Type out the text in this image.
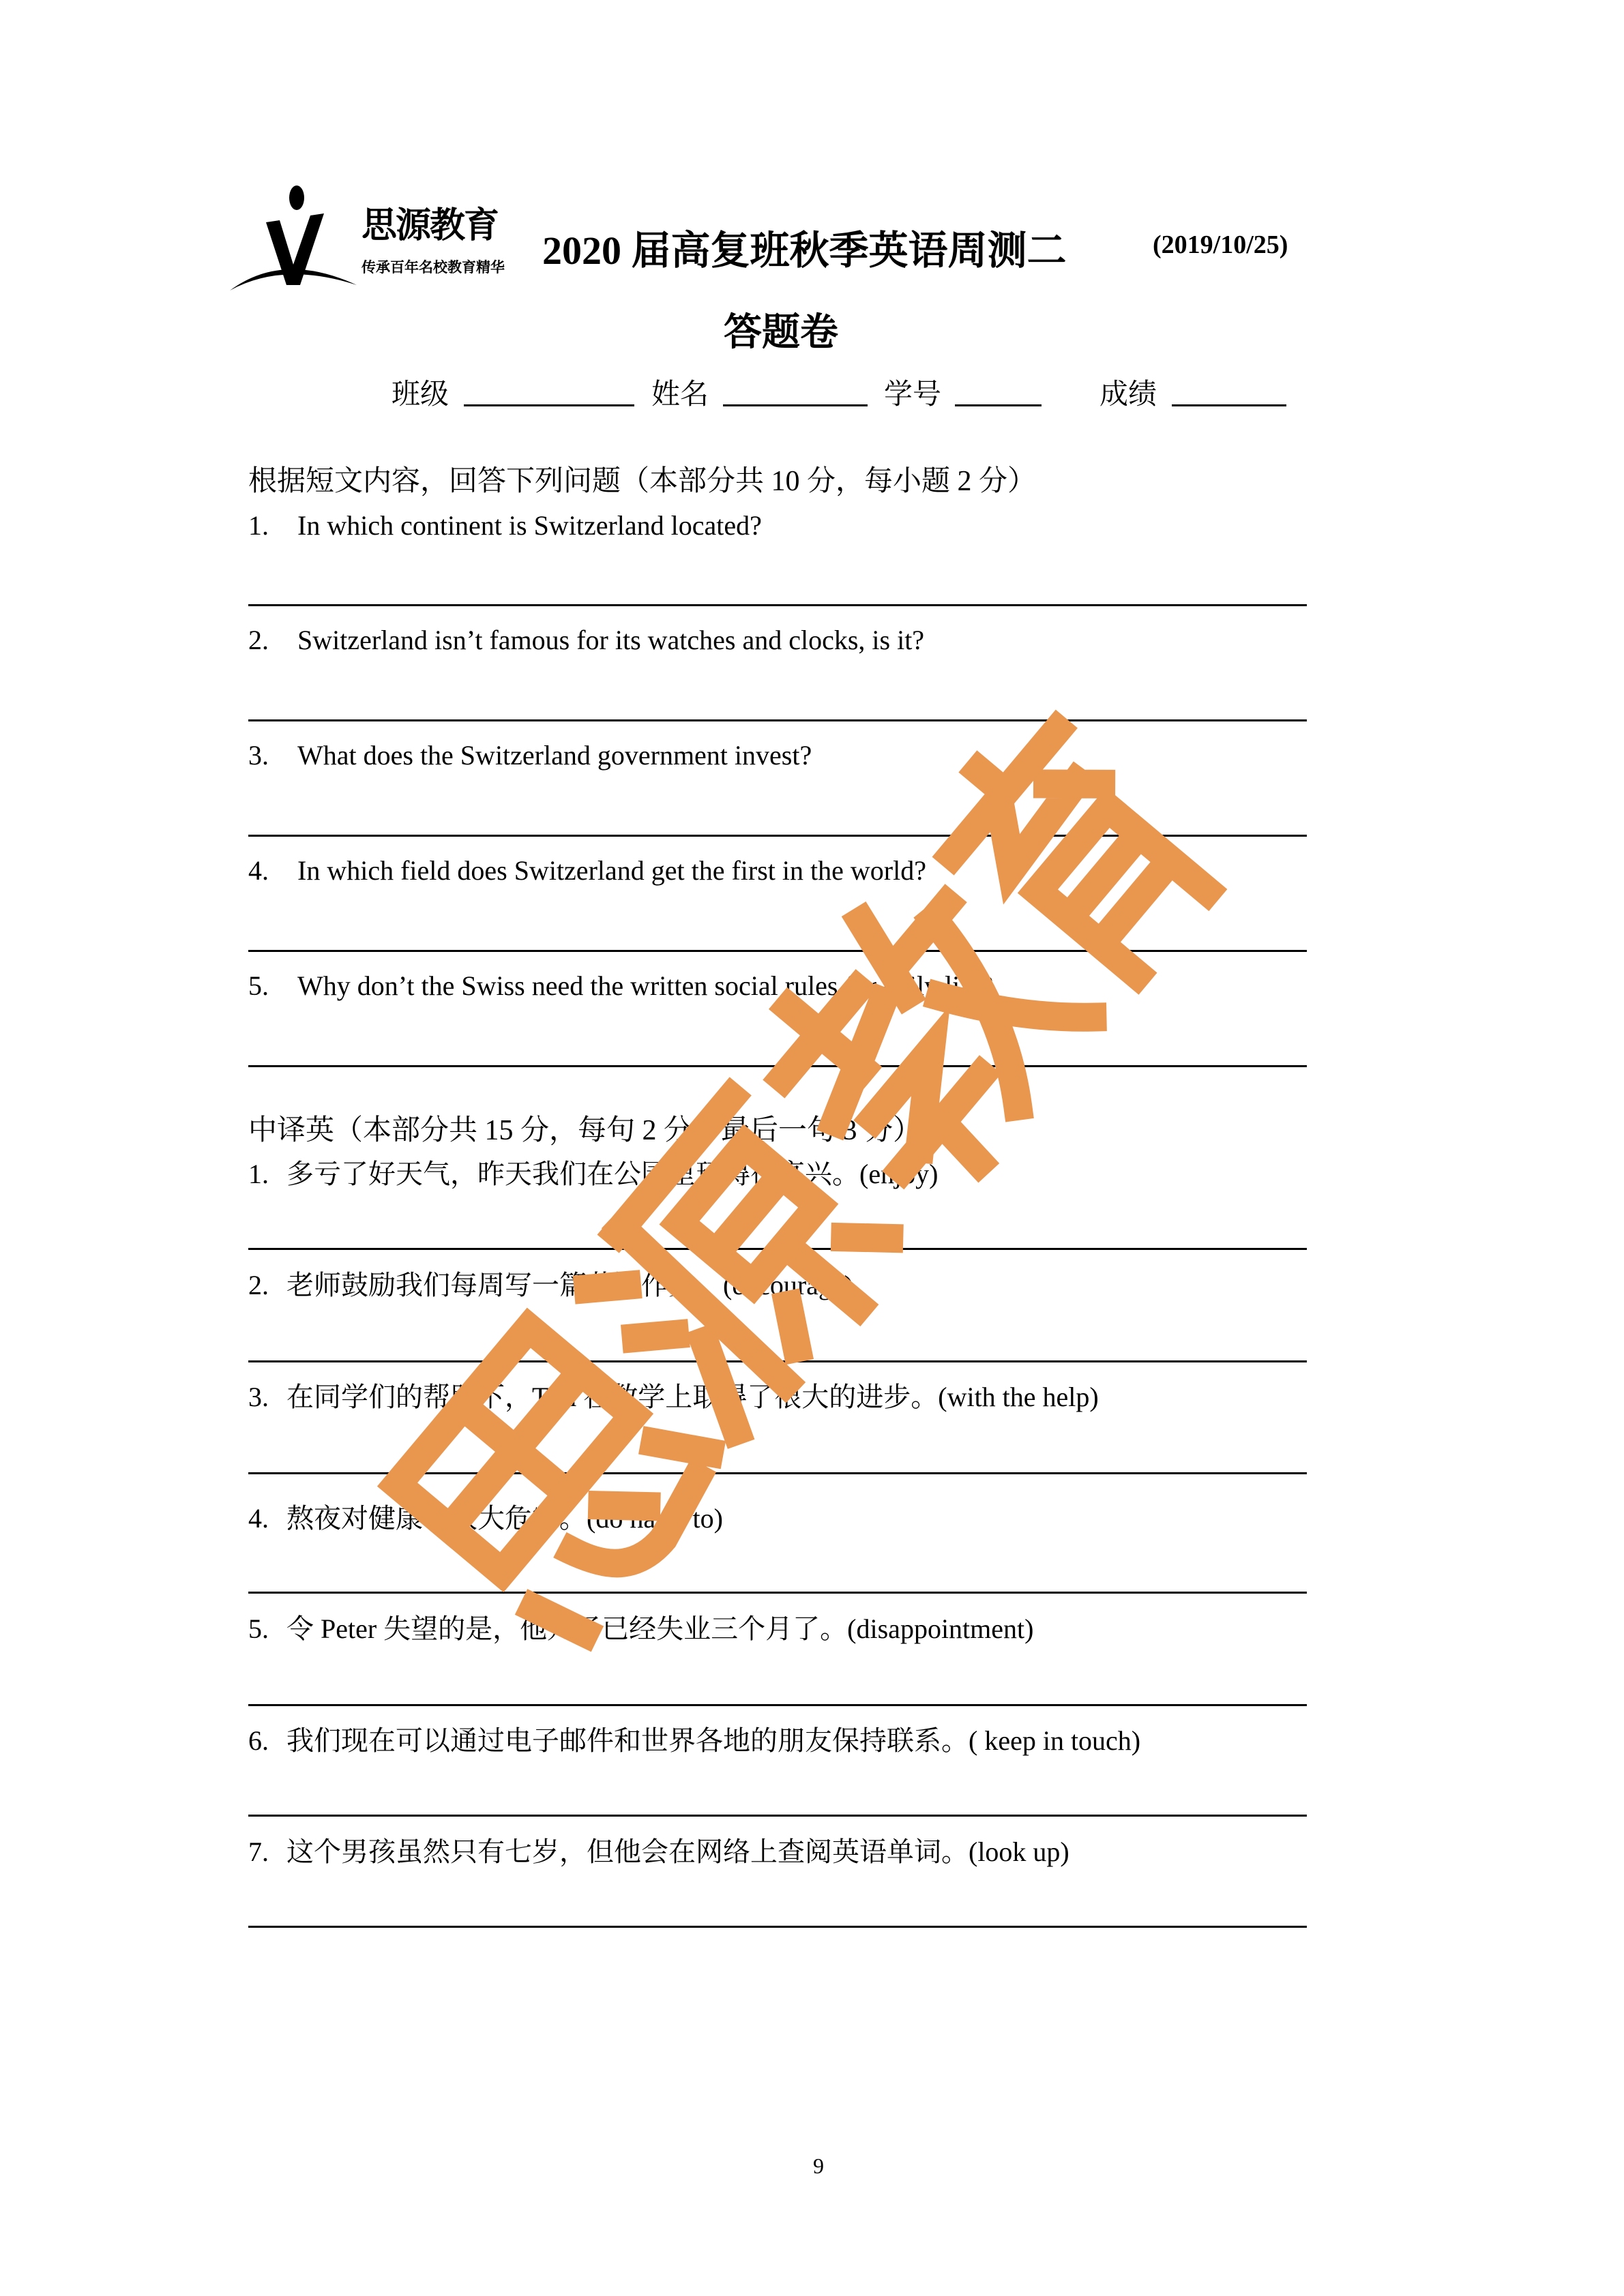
思源教育
传承百年名校教育精华 2020 届高复班秋季英语周测二	(2019/10/25)
答题卷
班级	姓名	学号	成绩
根据短文内容，回答下列问题（本部分共 10 分，每小题 2 分）
1. In which continent is Switzerland located?
2. Switzerland isn’t famous for its watches and clocks, is it?
3. What does the Switzerland government invest?
4. In which field does Switzerland get the first in the world?
5. Why don’t the Swiss need the written social rules for daily life?
中译英（本部分共 15 分，每句 2 分，最后一句 3 分）
1. 多亏了好天气，昨天我们在公园里玩得很高兴。(enjoy)
2. 老师鼓励我们每周写一篇英语作文。(encourage)
3. 在同学们的帮助下，Tim 在数学上取得了很大的进步。(with the help)
4. 熬夜对健康有很大危害。(do harm to)
5. 令 Peter 失望的是，他儿子已经失业三个月了。(disappointment)
6. 我们现在可以通过电子邮件和世界各地的朋友保持联系。( keep in touch)
7. 这个男孩虽然只有七岁，但他会在网络上查阅英语单词。(look up)
9
